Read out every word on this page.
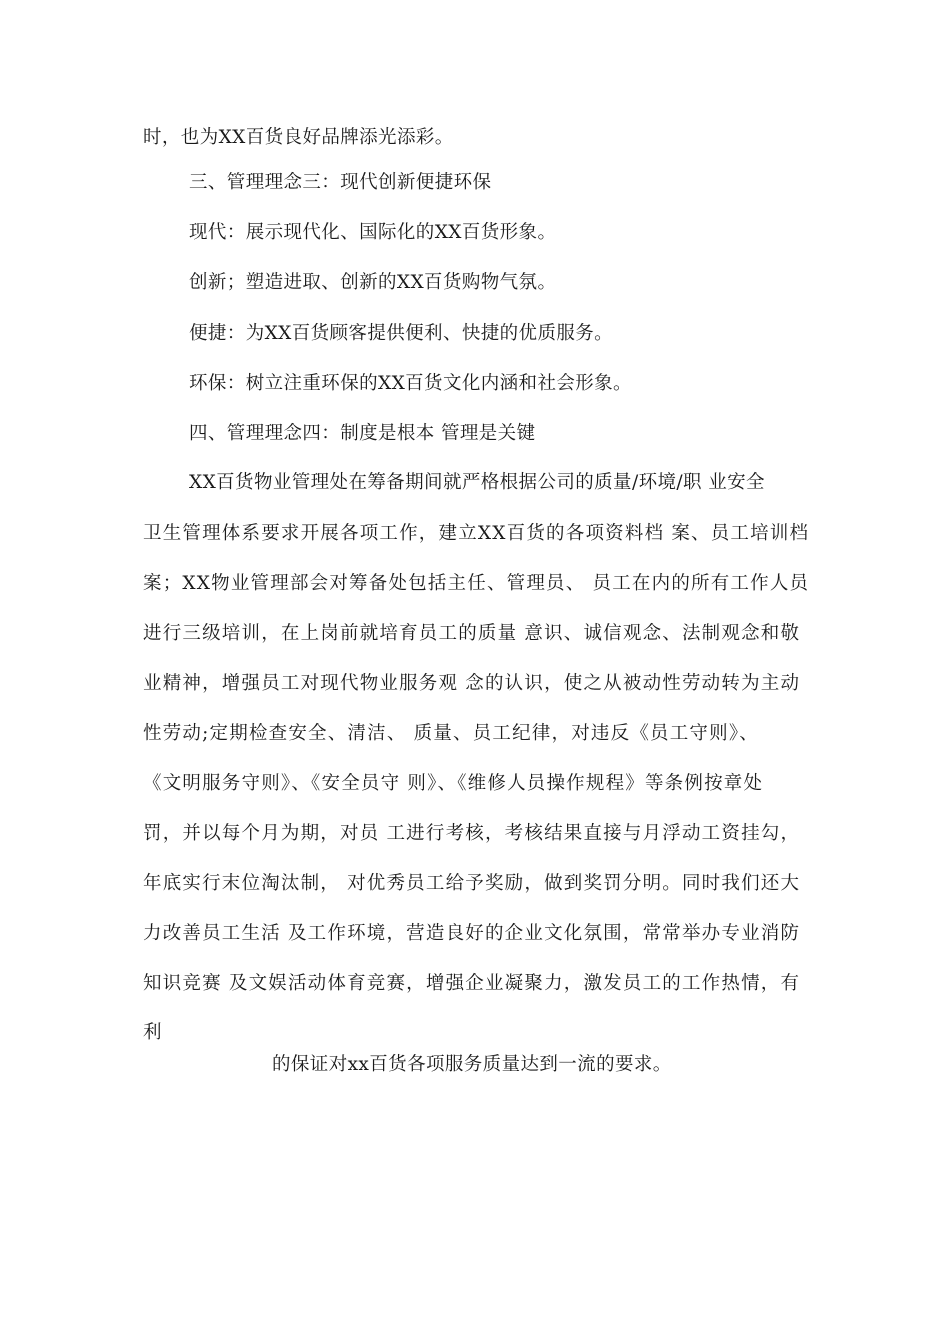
时，也为XX百货良好品牌添光添彩。
三、管理理念三：现代创新便捷环保
现代：展示现代化、国际化的XX百货形象。
创新；塑造进取、创新的XX百货购物气氛。
便捷：为XX百货顾客提供便利、快捷的优质服务。
环保：树立注重环保的XX百货文化内涵和社会形象。
四、管理理念四：制度是根本 管理是关键
XX百货物业管理处在筹备期间就严格根据公司的质量/环境/职 业安全
卫生管理体系要求开展各项工作，建立XX百货的各项资料档 案、员工培训档
案；XX物业管理部会对筹备处包括主任、管理员、 员工在内的所有工作人员
进行三级培训，在上岗前就培育员工的质量 意识、诚信观念、法制观念和敬
业精神，增强员工对现代物业服务观 念的认识，使之从被动性劳动转为主动
性劳动;定期检查安全、清洁、 质量、员工纪律，对违反《员工守则》、
《文明服务守则》、《安全员守 则》、《维修人员操作规程》等条例按章处
罚，并以每个月为期，对员 工进行考核，考核结果直接与月浮动工资挂勾，
年底实行末位淘汰制， 对优秀员工给予奖励，做到奖罚分明。同时我们还大
力改善员工生活 及工作环境，营造良好的企业文化氛围，常常举办专业消防
知识竞赛 及文娱活动体育竞赛，增强企业凝聚力，激发员工的工作热情，有
利
的保证对xx百货各项服务质量达到一流的要求。
